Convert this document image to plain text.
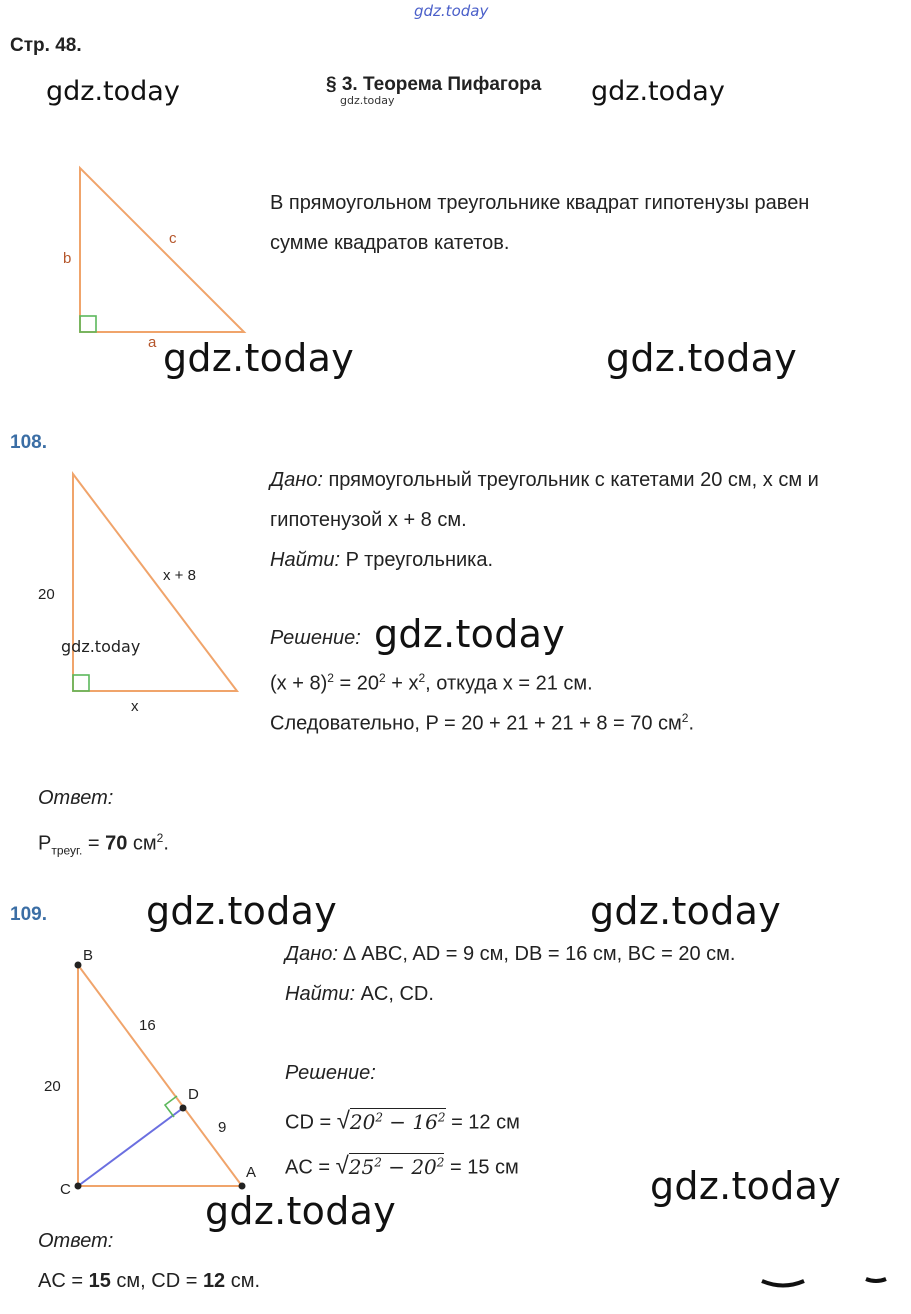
gdz.today
Стр. 48.
gdz.today	§ 3. Теорема Пифагора
gdz.today	gdz.today
b
c
a
В прямоугольном треугольнике квадрат гипотенузы равен
сумме квадратов катетов.
gdz.today	gdz.today
108.
20
x + 8
x
gdz.today
Дано: прямоугольный треугольник с катетами 20 см, x см и
гипотенузой x + 8 см.
Найти: P треугольника.
Решение: gdz.today
$(x + 8)^2 = 20^2 + x^2$, откуда x = 21 см.
Следовательно, P = 20 + 21 + 21 + 8 = 70 $см^2$.
Ответ:
$P_{треуг.} = 70$ $см^2$.
109.	gdz.today	gdz.today
B
16
20	D
9
C
A
Дано: ∆ ABC, AD = 9 см, DB = 16 см, BC = 20 см.
Найти: AC, CD.
Решение:
CD = $√20^2 - 16^2 = 12$ см
AC = $√25^2 - 20^2 = 15$ см	gdz.today
gdz.today
Ответ:
AC = 15 см, CD = 12 см.
